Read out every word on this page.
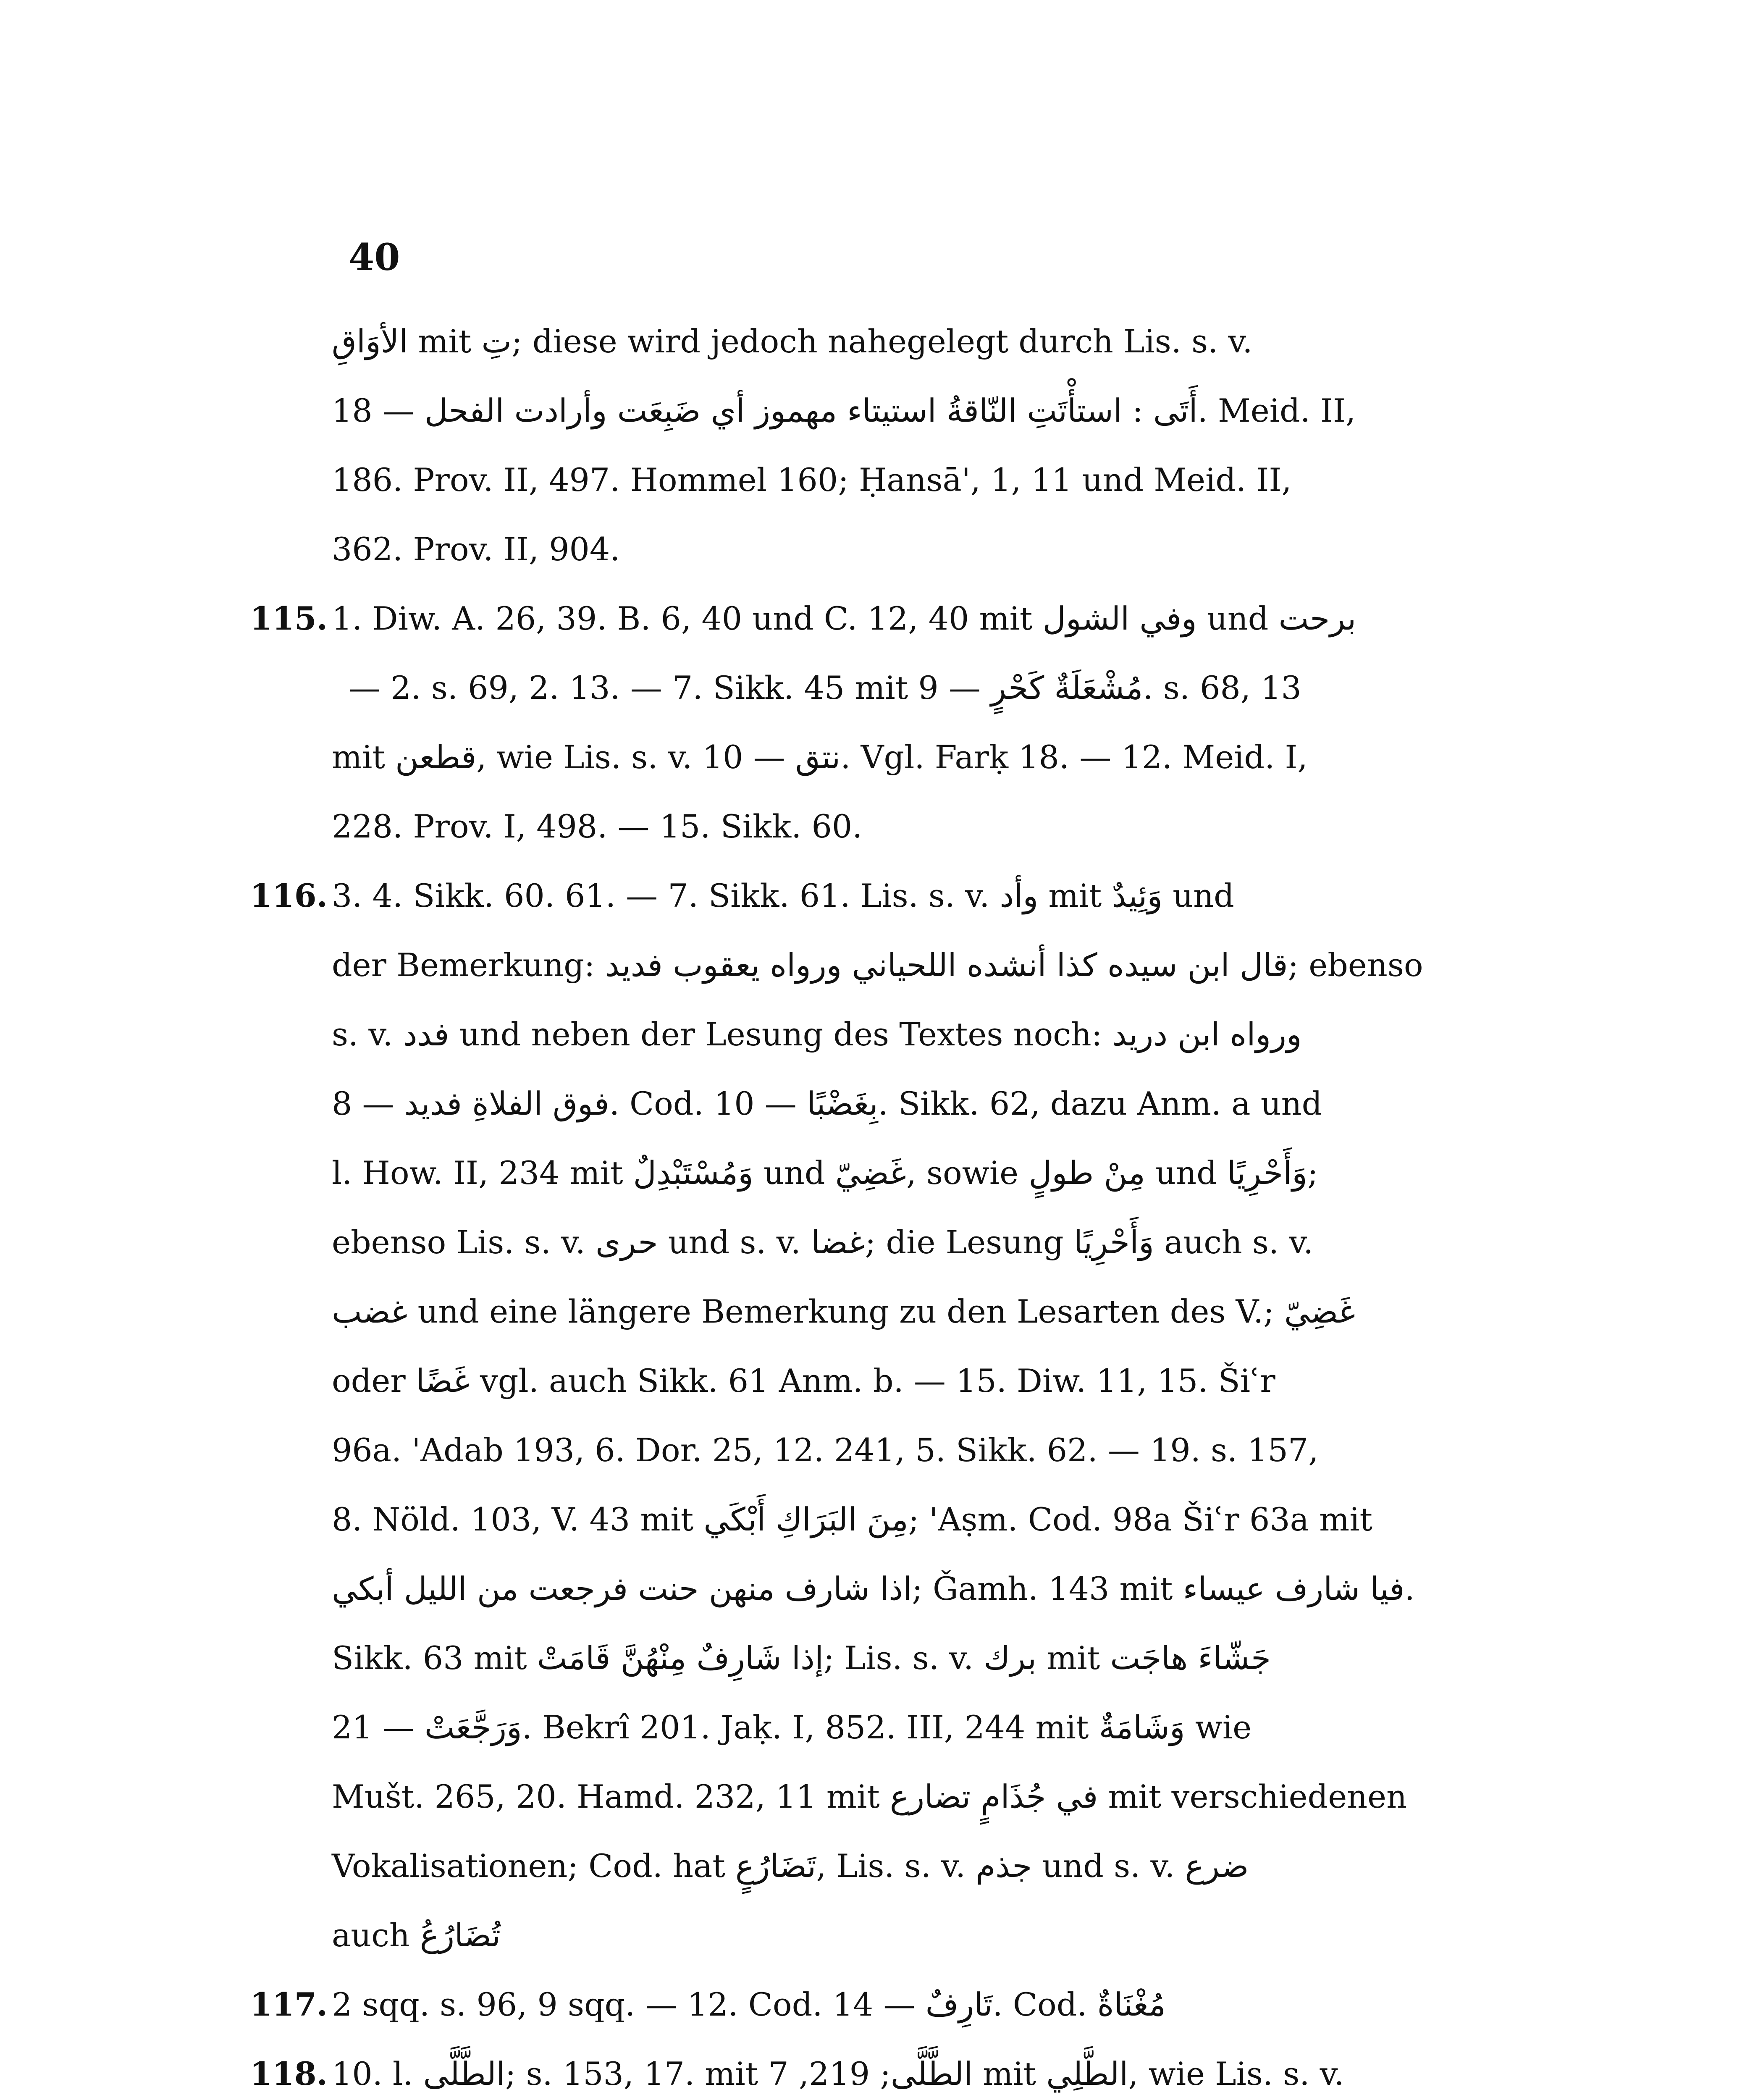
40
الأوَاقِ mit تِ; diese wird jedoch nahegelegt durch Lis. s. v.
أَتَى : استأْتَتِ النّاقةُ استيتاء مهموز أي ضَبِعَت وأرادت الفحل — 18. Meid. II,
186. Prov. II, 497. Hommel 160; Ḥansā', 1, 11 und Meid. II,
362. Prov. II, 904.
115. 1. Diw. A. 26, 39. B. 6, 40 und C. 12, 40 mit وفي الشول und برحت
— 2. s. 69, 2. 13. — 7. Sikk. 45 mit مُشْعَلَةٌ كَحْرٍ — 9. s. 68, 13
mit قطعن, wie Lis. s. v. نتق — 10. Vgl. Farḳ 18. — 12. Meid. I,
228. Prov. I, 498. — 15. Sikk. 60.
116. 3. 4. Sikk. 60. 61. — 7. Sikk. 61. Lis. s. v. وأد mit وَئِيدٌ und
der Bemerkung: قال ابن سيده كذا أنشده اللحياني ورواه يعقوب فديد; ebenso
s. v. فدد und neben der Lesung des Textes noch: ورواه ابن دريد
فوق الفلاةِ فديد — 8. Cod. بِغَضْبًا — 10. Sikk. 62, dazu Anm. a und
l. How. II, 234 mit وَمُسْتَبْدِلٌ und غَضِيّ, sowie مِنْ طولٍ und وَأَحْرِيًا;
ebenso Lis. s. v. حرى und s. v. غضا; die Lesung وَأَحْرِيًا auch s. v.
غضب und eine längere Bemerkung zu den Lesarten des V.; غَضِيّ
oder غَضًا vgl. auch Sikk. 61 Anm. b. — 15. Diw. 11, 15. Šiʿr
96a. 'Adab 193, 6. Dor. 25, 12. 241, 5. Sikk. 62. — 19. s. 157,
8. Nöld. 103, V. 43 mit مِنَ البَرَاكِ أَبْكَي; 'Aṣm. Cod. 98a Šiʿr 63a mit
اذا شارف منهن حنت فرجعت من الليل أبكي; Ǧamh. 143 mit فيا شارف عيساء.
Sikk. 63 mit إذا شَارِفٌ مِنْهُنَّ قَامَتْ; Lis. s. v. برك mit جَشّاءَ هاجَت
وَرَجَّعَتْ — 21. Bekrî 201. Jaḳ. I, 852. III, 244 mit وَشَامَةٌ wie
Mušt. 265, 20. Hamd. 232, 11 mit في جُذَامٍ تضارع mit verschiedenen
Vokalisationen; Cod. hat تَضَارُعٍ, Lis. s. v. جذم und s. v. ضرع
auch تُضَارُعُ
117. 2 sqq. s. 96, 9 sqq. — 12. Cod. تَارِفٌ — 14. Cod. مُغْنَاةٌ
118. 10. l. الطَّلَّى; s. 153, 17. mit الطَّلَّى; 219, 7 mit الطَّلِي, wie Lis. s. v.
